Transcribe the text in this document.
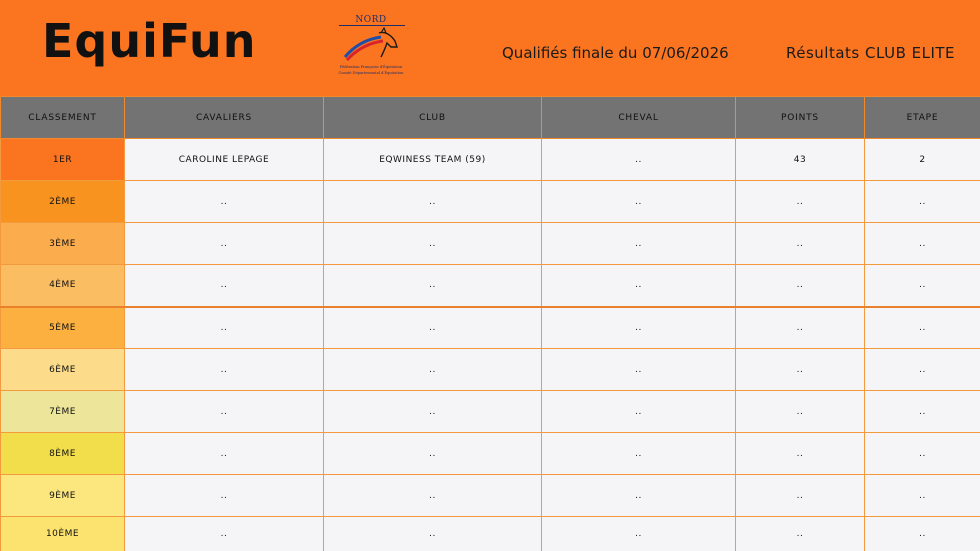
EquiFun	NORD
Fédération Française d'Équitation
Comité Départemental d'Équitation
Qualifiés finale du 07/06/2026	Résultats CLUB ELITE
CLASSEMENT	CAVALIERS	CLUB	CHEVAL	POINTS	ETAPE
1ER	CAROLINE LEPAGE	EQWINESS TEAM (59)	..	43	2
2ÈME	..	..	..	..	..
3ÈME	..	..	..	..	..
4ÈME	..	..	..	..	..
5ÈME	..	..	..	..	..
6ÈME	..	..	..	..	..
7ÈME	..	..	..	..	..
8ÈME	..	..	..	..	..
9ÈME	..	..	..	..	..
10ÈME	..	..	..	..	..
